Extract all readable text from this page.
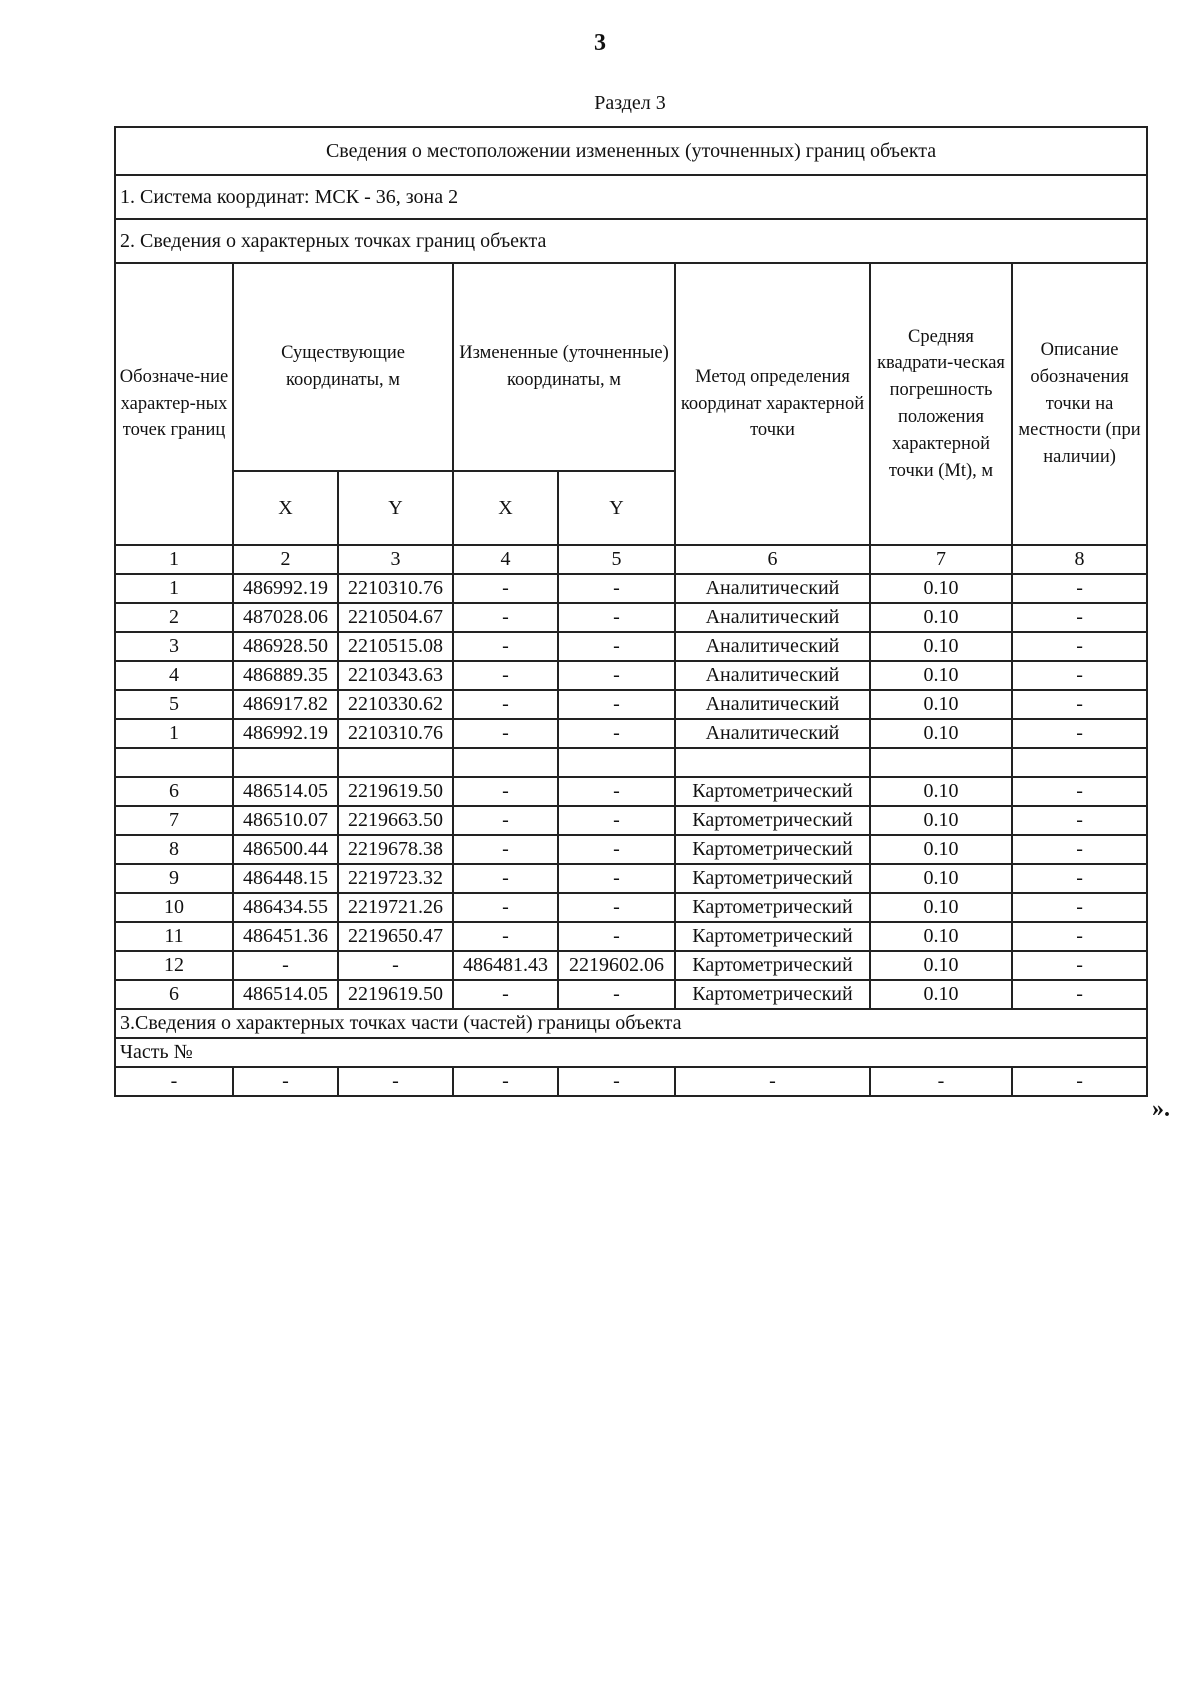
3
Раздел 3
Сведения о местоположении измененных (уточненных) границ объекта							
1. Система координат: МСК - 36, зона 2							
2. Сведения о характерных точках границ объекта							
Обозначе-ние характер-ных точек границ	Существующие координаты, м		Измененные (уточненные) координаты, м		Метод определения координат характерной точки	Средняя квадрати-ческая погрешность положения характерной точки (Mt), м	Описание обозначения точки на местности (при наличии)
	X	Y	X	Y			
1	2	3	4	5	6	7	8
1	486992.19	2210310.76	-	-	Аналитический	0.10	-
2	487028.06	2210504.67	-	-	Аналитический	0.10	-
3	486928.50	2210515.08	-	-	Аналитический	0.10	-
4	486889.35	2210343.63	-	-	Аналитический	0.10	-
5	486917.82	2210330.62	-	-	Аналитический	0.10	-
1	486992.19	2210310.76	-	-	Аналитический	0.10	-

6	486514.05	2219619.50	-	-	Картометрический	0.10	-
7	486510.07	2219663.50	-	-	Картометрический	0.10	-
8	486500.44	2219678.38	-	-	Картометрический	0.10	-
9	486448.15	2219723.32	-	-	Картометрический	0.10	-
10	486434.55	2219721.26	-	-	Картометрический	0.10	-
11	486451.36	2219650.47	-	-	Картометрический	0.10	-
12	-	-	486481.43	2219602.06	Картометрический	0.10	-
6	486514.05	2219619.50	-	-	Картометрический	0.10	-
3.Сведения о характерных точках части (частей) границы объекта							
Часть №							
-	-	-	-	-	-	-	-
».
